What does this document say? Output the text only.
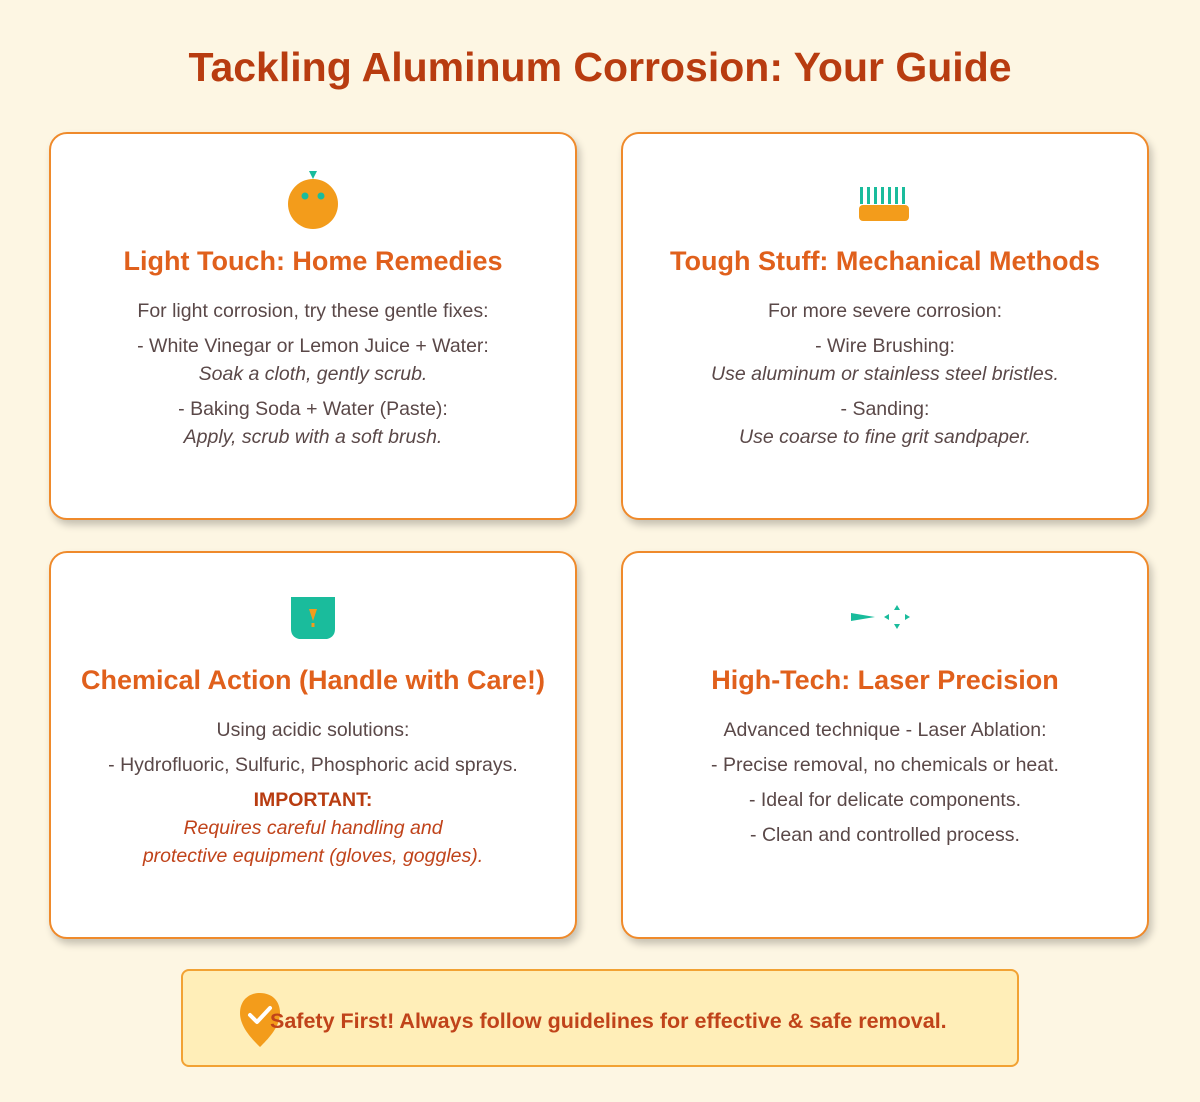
Tackling Aluminum Corrosion: Your Guide
Light Touch: Home Remedies

For light corrosion, try these gentle fixes:

- White Vinegar or Lemon Juice + Water:
Soak a cloth, gently scrub.

- Baking Soda + Water (Paste):
Apply, scrub with a soft brush.

Tough Stuff: Mechanical Methods

For more severe corrosion:

- Wire Brushing:
Use aluminum or stainless steel bristles.

- Sanding:
Use coarse to fine grit sandpaper.

Chemical Action (Handle with Care!)

Using acidic solutions:

- Hydrofluoric, Sulfuric, Phosphoric acid sprays.

IMPORTANT:
Requires careful handling and
protective equipment (gloves, goggles).

High-Tech: Laser Precision

Advanced technique - Laser Ablation:

- Precise removal, no chemicals or heat.

- Ideal for delicate components.

- Clean and controlled process.

Safety First! Always follow guidelines for effective & safe removal.
